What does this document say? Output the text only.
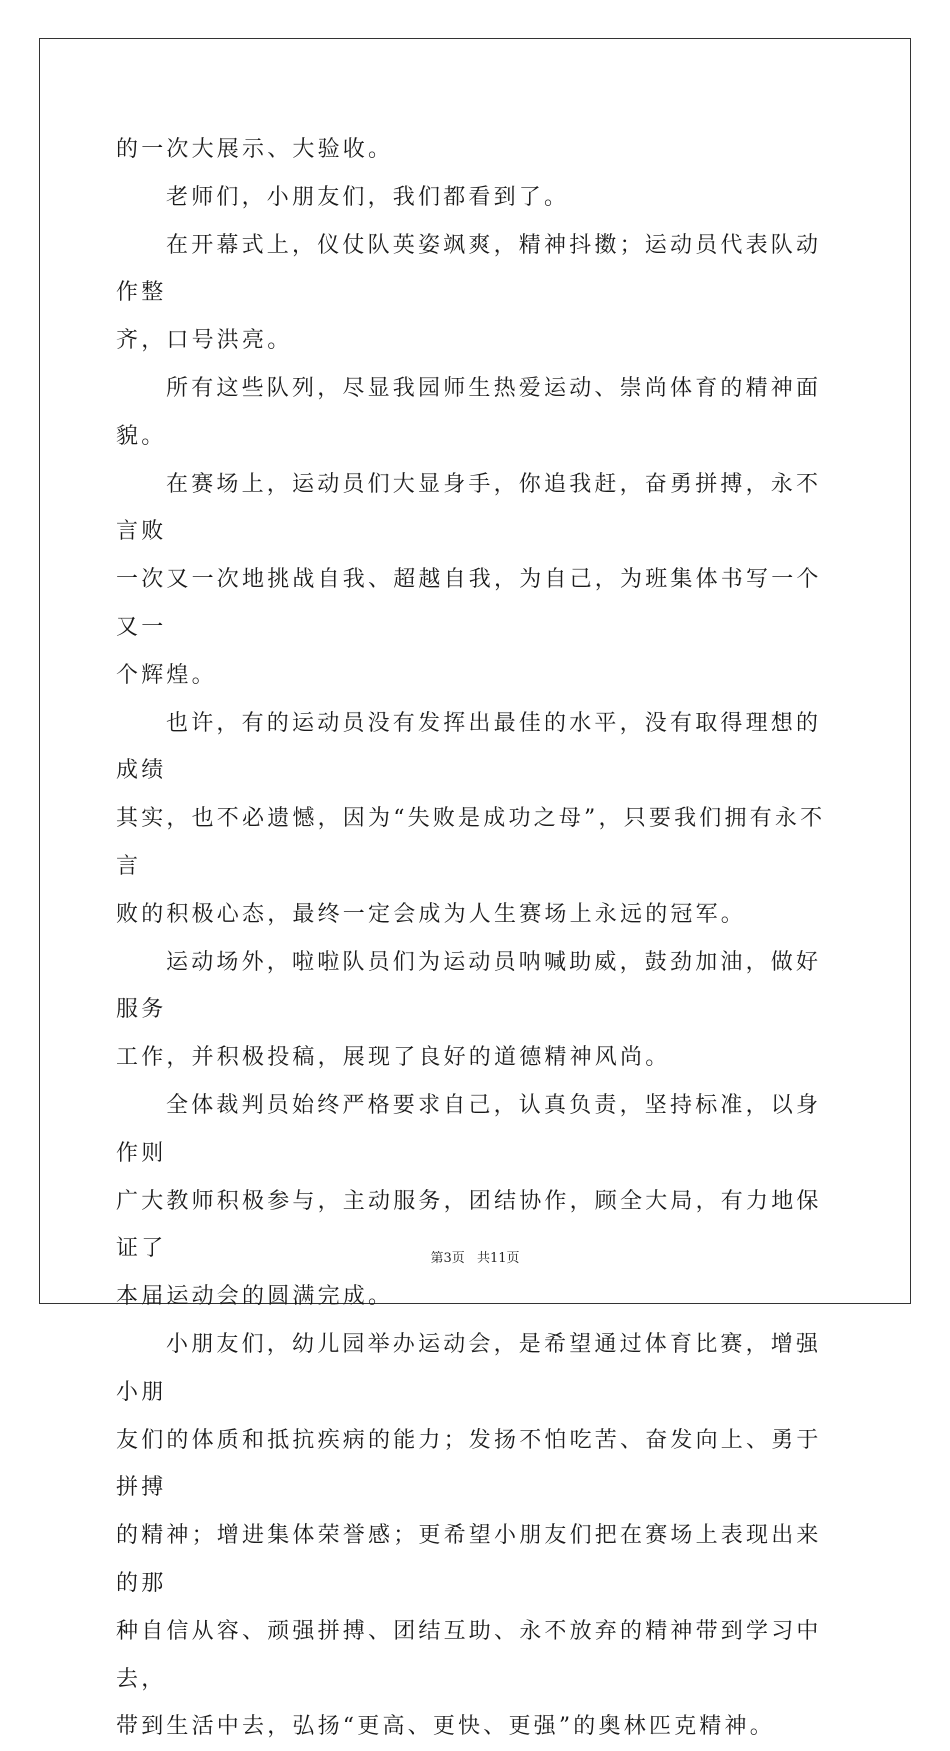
的一次大展示、大验收。

老师们，小朋友们，我们都看到了。

在开幕式上，仪仗队英姿飒爽，精神抖擞；运动员代表队动作整
齐，口号洪亮。

所有这些队列，尽显我园师生热爱运动、崇尚体育的精神面貌。

在赛场上，运动员们大显身手，你追我赶，奋勇拼搏，永不言败
一次又一次地挑战自我、超越自我，为自己，为班集体书写一个又一
个辉煌。

也许，有的运动员没有发挥出最佳的水平，没有取得理想的成绩
其实，也不必遗憾，因为“失败是成功之母”，只要我们拥有永不言
败的积极心态，最终一定会成为人生赛场上永远的冠军。

运动场外，啦啦队员们为运动员呐喊助威，鼓劲加油，做好服务
工作，并积极投稿，展现了良好的道德精神风尚。

全体裁判员始终严格要求自己，认真负责，坚持标准，以身作则
广大教师积极参与，主动服务，团结协作，顾全大局，有力地保证了
本届运动会的圆满完成。

小朋友们，幼儿园举办运动会，是希望通过体育比赛，增强小朋
友们的体质和抵抗疾病的能力；发扬不怕吃苦、奋发向上、勇于拼搏
的精神；增进集体荣誉感；更希望小朋友们把在赛场上表现出来的那
种自信从容、顽强拼搏、团结互助、永不放弃的精神带到学习中去，
带到生活中去，弘扬“更高、更快、更强”的奥林匹克精神。

第3页 共11页
